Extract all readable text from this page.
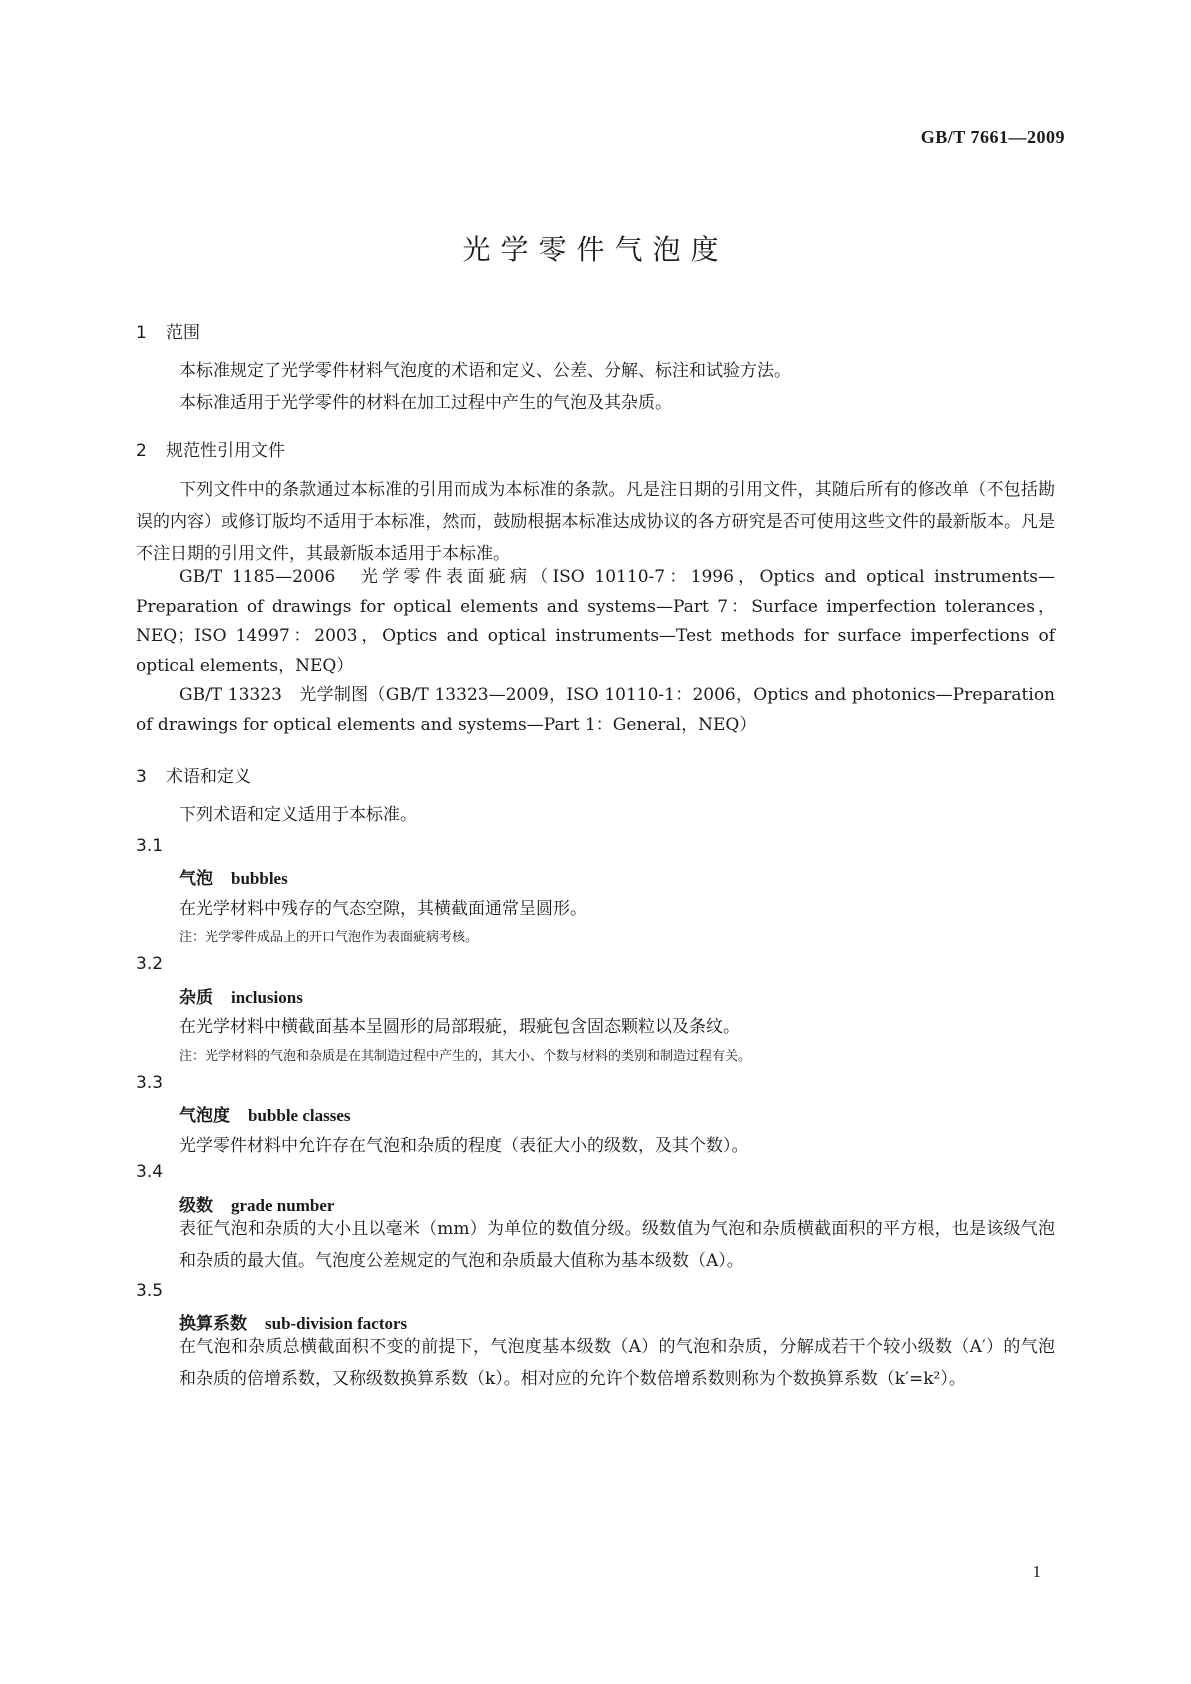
GB/T 7661—2009
光学零件气泡度
1 范围

本标准规定了光学零件材料气泡度的术语和定义、公差、分解、标注和试验方法。

本标准适用于光学零件的材料在加工过程中产生的气泡及其杂质。

2 规范性引用文件

下列文件中的条款通过本标准的引用而成为本标准的条款。凡是注日期的引用文件，其随后所有的修改单（不包括勘误的内容）或修订版均不适用于本标准，然而，鼓励根据本标准达成协议的各方研究是否可使用这些文件的最新版本。凡是不注日期的引用文件，其最新版本适用于本标准。

GB/T 1185—2006　光学零件表面疵病（ISO 10110-7：1996，Optics and optical instruments—Preparation of drawings for optical elements and systems—Part 7：Surface imperfection tolerances，NEQ；ISO 14997：2003，Optics and optical instruments—Test methods for surface imperfections of optical elements，NEQ）

GB/T 13323　光学制图（GB/T 13323—2009，ISO 10110-1：2006，Optics and photonics—Preparation of drawings for optical elements and systems—Part 1：General，NEQ）

3 术语和定义

下列术语和定义适用于本标准。

3.1
气泡 bubbles
在光学材料中残存的气态空隙，其横截面通常呈圆形。
注：光学零件成品上的开口气泡作为表面疵病考核。
3.2
杂质 inclusions
在光学材料中横截面基本呈圆形的局部瑕疵，瑕疵包含固态颗粒以及条纹。
注：光学材料的气泡和杂质是在其制造过程中产生的，其大小、个数与材料的类别和制造过程有关。
3.3
气泡度 bubble classes
光学零件材料中允许存在气泡和杂质的程度（表征大小的级数，及其个数）。
3.4
级数 grade number

表征气泡和杂质的大小且以毫米（mm）为单位的数值分级。级数值为气泡和杂质横截面积的平方根，也是该级气泡和杂质的最大值。气泡度公差规定的气泡和杂质最大值称为基本级数（A）。

3.5
换算系数 sub-division factors

在气泡和杂质总横截面积不变的前提下，气泡度基本级数（A）的气泡和杂质，分解成若干个较小级数（A′）的气泡和杂质的倍增系数，又称级数换算系数（k）。相对应的允许个数倍增系数则称为个数换算系数（k′=k²）。

1
